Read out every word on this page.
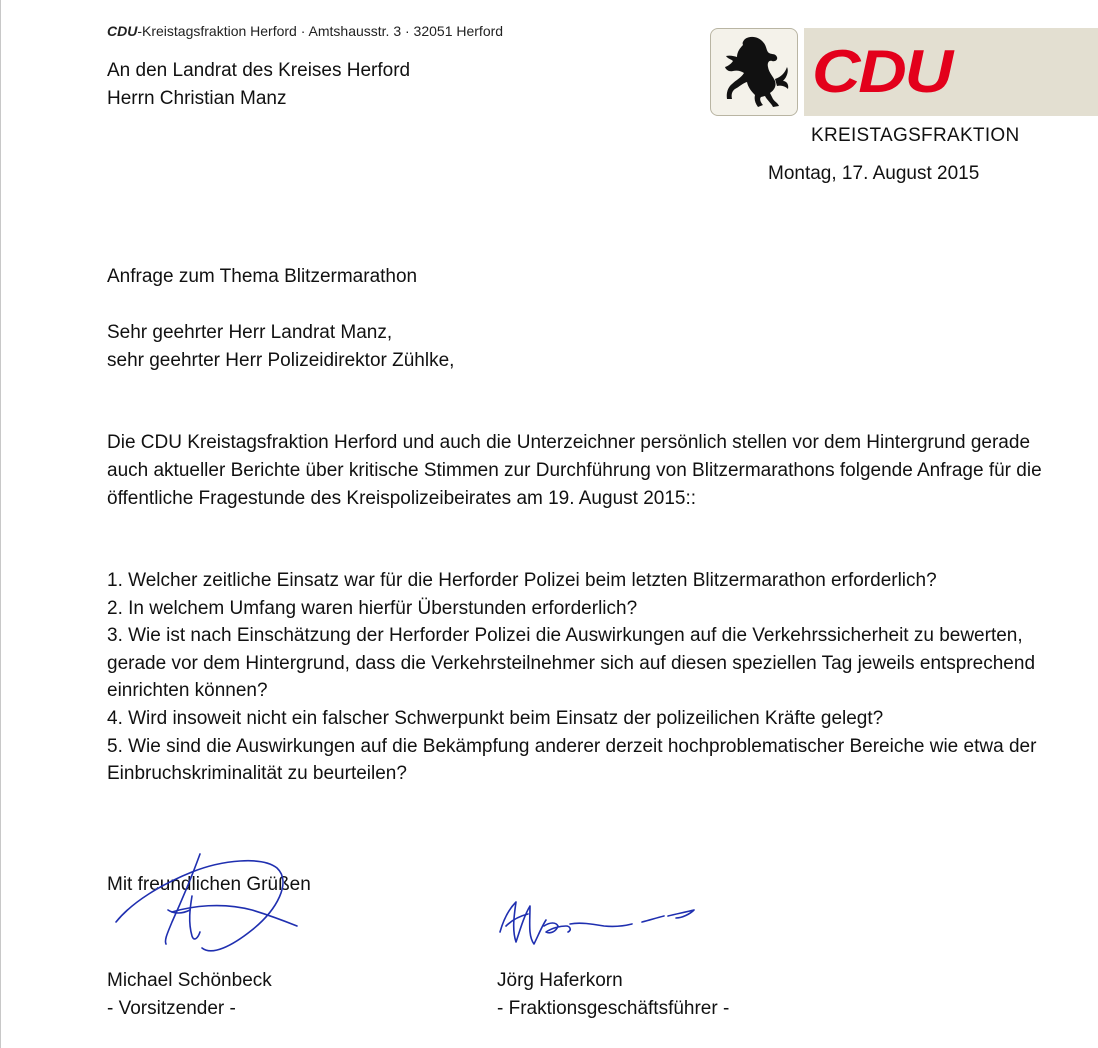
CDU-Kreistagsfraktion Herford · Amtshausstr. 3 · 32051 Herford
An den Landrat des Kreises Herford
Herrn Christian Manz	CDU
KREISTAGSFRAKTION
Montag, 17. August 2015
Anfrage zum Thema Blitzermarathon
Sehr geehrter Herr Landrat Manz,
sehr geehrter Herr Polizeidirektor Zühlke,
Die CDU Kreistagsfraktion Herford und auch die Unterzeichner persönlich stellen vor dem Hintergrund gerade auch aktueller Berichte über kritische Stimmen zur Durchführung von Blitzermarathons folgende Anfrage für die öffentliche Fragestunde des Kreispolizeibeirates am 19. August 2015::
1. Welcher zeitliche Einsatz war für die Herforder Polizei beim letzten Blitzermarathon erforderlich?
2. In welchem Umfang waren hierfür Überstunden erforderlich?
3. Wie ist nach Einschätzung der Herforder Polizei die Auswirkungen auf die Verkehrssicherheit zu bewerten, gerade vor dem Hintergrund, dass die Verkehrsteilnehmer sich auf diesen speziellen Tag jeweils entsprechend einrichten können?
4. Wird insoweit nicht ein falscher Schwerpunkt beim Einsatz der polizeilichen Kräfte gelegt?
5. Wie sind die Auswirkungen auf die Bekämpfung anderer derzeit hochproblematischer Bereiche wie etwa der Einbruchskriminalität zu beurteilen?
Mit freundlichen Grüßen
Michael Schönbeck
- Vorsitzender -
Jörg Haferkorn
- Fraktionsgeschäftsführer -
